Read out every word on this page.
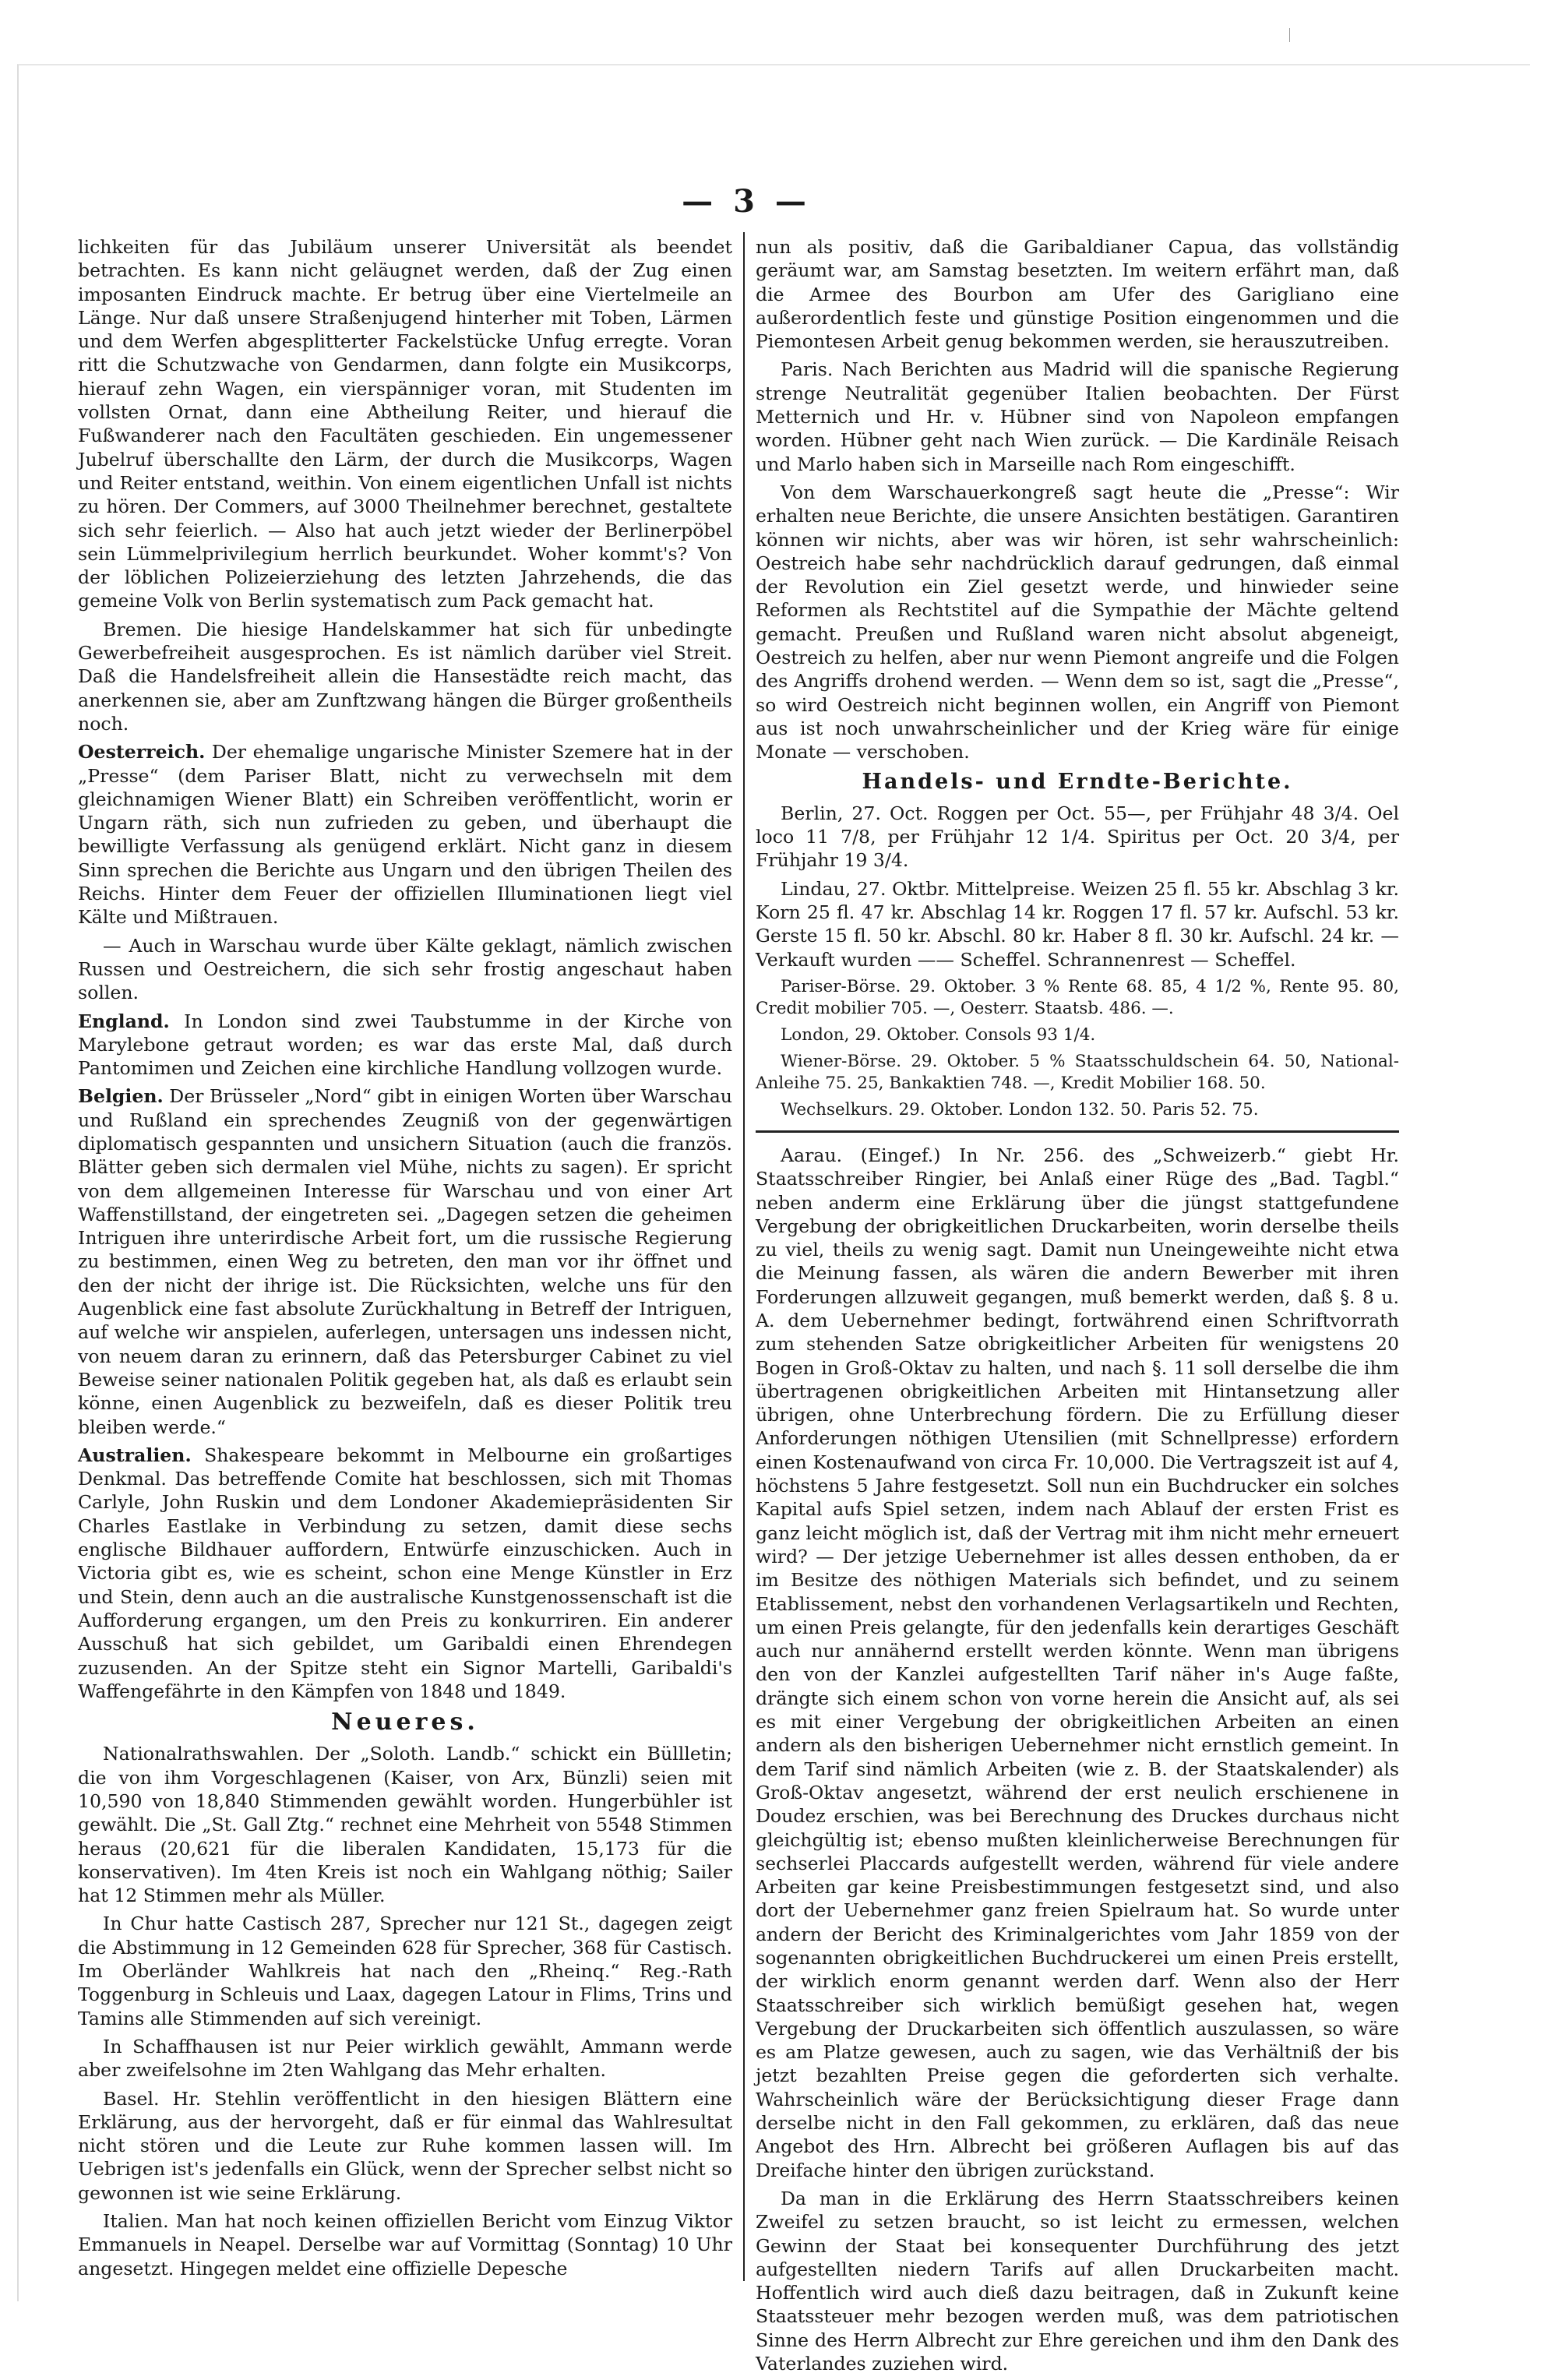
— 3 —

lichkeiten für das Jubiläum unserer Universität als beendet betrachten. Es kann nicht geläugnet werden, daß der Zug einen imposanten Eindruck machte. Er betrug über eine Viertelmeile an Länge. Nur daß unsere Straßenjugend hinterher mit Toben, Lärmen und dem Werfen abgesplitterter Fackelstücke Unfug erregte. Voran ritt die Schutzwache von Gendarmen, dann folgte ein Musikcorps, hierauf zehn Wagen, ein vierspänniger voran, mit Studenten im vollsten Ornat, dann eine Abtheilung Reiter, und hierauf die Fußwanderer nach den Facultäten geschieden. Ein ungemessener Jubelruf überschallte den Lärm, der durch die Musikcorps, Wagen und Reiter entstand, weithin. Von einem eigentlichen Unfall ist nichts zu hören. Der Commers, auf 3000 Theilnehmer berechnet, gestaltete sich sehr feierlich. — Also hat auch jetzt wieder der Berlinerpöbel sein Lümmelprivilegium herrlich beurkundet. Woher kommt's? Von der löblichen Polizeierziehung des letzten Jahrzehends, die das gemeine Volk von Berlin systematisch zum Pack gemacht hat.

Bremen. Die hiesige Handelskammer hat sich für unbedingte Gewerbefreiheit ausgesprochen. Es ist nämlich darüber viel Streit. Daß die Handelsfreiheit allein die Hansestädte reich macht, das anerkennen sie, aber am Zunftzwang hängen die Bürger großentheils noch.

Oesterreich. Der ehemalige ungarische Minister Szemere hat in der „Presse“ (dem Pariser Blatt, nicht zu verwechseln mit dem gleichnamigen Wiener Blatt) ein Schreiben veröffentlicht, worin er Ungarn räth, sich nun zufrieden zu geben, und überhaupt die bewilligte Verfassung als genügend erklärt. Nicht ganz in diesem Sinn sprechen die Berichte aus Ungarn und den übrigen Theilen des Reichs. Hinter dem Feuer der offiziellen Illuminationen liegt viel Kälte und Mißtrauen.

— Auch in Warschau wurde über Kälte geklagt, nämlich zwischen Russen und Oestreichern, die sich sehr frostig angeschaut haben sollen.

England. In London sind zwei Taubstumme in der Kirche von Marylebone getraut worden; es war das erste Mal, daß durch Pantomimen und Zeichen eine kirchliche Handlung vollzogen wurde.

Belgien. Der Brüsseler „Nord“ gibt in einigen Worten über Warschau und Rußland ein sprechendes Zeugniß von der gegenwärtigen diplomatisch gespannten und unsichern Situation (auch die französ. Blätter geben sich dermalen viel Mühe, nichts zu sagen). Er spricht von dem allgemeinen Interesse für Warschau und von einer Art Waffenstillstand, der eingetreten sei. „Dagegen setzen die geheimen Intriguen ihre unterirdische Arbeit fort, um die russische Regierung zu bestimmen, einen Weg zu betreten, den man vor ihr öffnet und den der nicht der ihrige ist. Die Rücksichten, welche uns für den Augenblick eine fast absolute Zurückhaltung in Betreff der Intriguen, auf welche wir anspielen, auferlegen, untersagen uns indessen nicht, von neuem daran zu erinnern, daß das Petersburger Cabinet zu viel Beweise seiner nationalen Politik gegeben hat, als daß es erlaubt sein könne, einen Augenblick zu bezweifeln, daß es dieser Politik treu bleiben werde.“

Australien. Shakespeare bekommt in Melbourne ein großartiges Denkmal. Das betreffende Comite hat beschlossen, sich mit Thomas Carlyle, John Ruskin und dem Londoner Akademiepräsidenten Sir Charles Eastlake in Verbindung zu setzen, damit diese sechs englische Bildhauer auffordern, Entwürfe einzuschicken. Auch in Victoria gibt es, wie es scheint, schon eine Menge Künstler in Erz und Stein, denn auch an die australische Kunstgenossenschaft ist die Aufforderung ergangen, um den Preis zu konkurriren. Ein anderer Ausschuß hat sich gebildet, um Garibaldi einen Ehrendegen zuzusenden. An der Spitze steht ein Signor Martelli, Garibaldi's Waffengefährte in den Kämpfen von 1848 und 1849.

Neueres.

Nationalrathswahlen. Der „Soloth. Landb.“ schickt ein Büllletin; die von ihm Vorgeschlagenen (Kaiser, von Arx, Bünzli) seien mit 10,590 von 18,840 Stimmenden gewählt worden. Hungerbühler ist gewählt. Die „St. Gall Ztg.“ rechnet eine Mehrheit von 5548 Stimmen heraus (20,621 für die liberalen Kandidaten, 15,173 für die konservativen). Im 4ten Kreis ist noch ein Wahlgang nöthig; Sailer hat 12 Stimmen mehr als Müller.

In Chur hatte Castisch 287, Sprecher nur 121 St., dagegen zeigt die Abstimmung in 12 Gemeinden 628 für Sprecher, 368 für Castisch. Im Oberländer Wahlkreis hat nach den „Rheinq.“ Reg.-Rath Toggenburg in Schleuis und Laax, dagegen Latour in Flims, Trins und Tamins alle Stimmenden auf sich vereinigt.

In Schaffhausen ist nur Peier wirklich gewählt, Ammann werde aber zweifelsohne im 2ten Wahlgang das Mehr erhalten.

Basel. Hr. Stehlin veröffentlicht in den hiesigen Blättern eine Erklärung, aus der hervorgeht, daß er für einmal das Wahlresultat nicht stören und die Leute zur Ruhe kommen lassen will. Im Uebrigen ist's jedenfalls ein Glück, wenn der Sprecher selbst nicht so gewonnen ist wie seine Erklärung.

Italien. Man hat noch keinen offiziellen Bericht vom Einzug Viktor Emmanuels in Neapel. Derselbe war auf Vormittag (Sonntag) 10 Uhr angesetzt. Hingegen meldet eine offizielle Depesche

nun als positiv, daß die Garibaldianer Capua, das vollständig geräumt war, am Samstag besetzten. Im weitern erfährt man, daß die Armee des Bourbon am Ufer des Garigliano eine außerordentlich feste und günstige Position eingenommen und die Piemontesen Arbeit genug bekommen werden, sie herauszutreiben.

Paris. Nach Berichten aus Madrid will die spanische Regierung strenge Neutralität gegenüber Italien beobachten. Der Fürst Metternich und Hr. v. Hübner sind von Napoleon empfangen worden. Hübner geht nach Wien zurück. — Die Kardinäle Reisach und Marlo haben sich in Marseille nach Rom eingeschifft.

Von dem Warschauerkongreß sagt heute die „Presse“: Wir erhalten neue Berichte, die unsere Ansichten bestätigen. Garantiren können wir nichts, aber was wir hören, ist sehr wahrscheinlich: Oestreich habe sehr nachdrücklich darauf gedrungen, daß einmal der Revolution ein Ziel gesetzt werde, und hinwieder seine Reformen als Rechtstitel auf die Sympathie der Mächte geltend gemacht. Preußen und Rußland waren nicht absolut abgeneigt, Oestreich zu helfen, aber nur wenn Piemont angreife und die Folgen des Angriffs drohend werden. — Wenn dem so ist, sagt die „Presse“, so wird Oestreich nicht beginnen wollen, ein Angriff von Piemont aus ist noch unwahrscheinlicher und der Krieg wäre für einige Monate — verschoben.

Handels- und Erndte-Berichte.

Berlin, 27. Oct. Roggen per Oct. 55—, per Frühjahr 48 3/4. Oel loco 11 7/8, per Frühjahr 12 1/4. Spiritus per Oct. 20 3/4, per Frühjahr 19 3/4.

Lindau, 27. Oktbr. Mittelpreise. Weizen 25 fl. 55 kr. Abschlag 3 kr. Korn 25 fl. 47 kr. Abschlag 14 kr. Roggen 17 fl. 57 kr. Aufschl. 53 kr. Gerste 15 fl. 50 kr. Abschl. 80 kr. Haber 8 fl. 30 kr. Aufschl. 24 kr. — Verkauft wurden —— Scheffel. Schrannenrest — Scheffel.

Pariser-Börse. 29. Oktober. 3 % Rente 68. 85, 4 1/2 %, Rente 95. 80, Credit mobilier 705. —, Oesterr. Staatsb. 486. —.

London, 29. Oktober. Consols 93 1/4.

Wiener-Börse. 29. Oktober. 5 % Staatsschuldschein 64. 50, National-Anleihe 75. 25, Bankaktien 748. —, Kredit Mobilier 168. 50.

Wechselkurs. 29. Oktober. London 132. 50. Paris 52. 75.

Aarau. (Eingef.) In Nr. 256. des „Schweizerb.“ giebt Hr. Staatsschreiber Ringier, bei Anlaß einer Rüge des „Bad. Tagbl.“ neben anderm eine Erklärung über die jüngst stattgefundene Vergebung der obrigkeitlichen Druckarbeiten, worin derselbe theils zu viel, theils zu wenig sagt. Damit nun Uneingeweihte nicht etwa die Meinung fassen, als wären die andern Bewerber mit ihren Forderungen allzuweit gegangen, muß bemerkt werden, daß §. 8 u. A. dem Uebernehmer bedingt, fortwährend einen Schriftvorrath zum stehenden Satze obrigkeitlicher Arbeiten für wenigstens 20 Bogen in Groß-Oktav zu halten, und nach §. 11 soll derselbe die ihm übertragenen obrigkeitlichen Arbeiten mit Hintansetzung aller übrigen, ohne Unterbrechung fördern. Die zu Erfüllung dieser Anforderungen nöthigen Utensilien (mit Schnellpresse) erfordern einen Kostenaufwand von circa Fr. 10,000. Die Vertragszeit ist auf 4, höchstens 5 Jahre festgesetzt. Soll nun ein Buchdrucker ein solches Kapital aufs Spiel setzen, indem nach Ablauf der ersten Frist es ganz leicht möglich ist, daß der Vertrag mit ihm nicht mehr erneuert wird? — Der jetzige Uebernehmer ist alles dessen enthoben, da er im Besitze des nöthigen Materials sich befindet, und zu seinem Etablissement, nebst den vorhandenen Verlagsartikeln und Rechten, um einen Preis gelangte, für den jedenfalls kein derartiges Geschäft auch nur annähernd erstellt werden könnte. Wenn man übrigens den von der Kanzlei aufgestellten Tarif näher in's Auge faßte, drängte sich einem schon von vorne herein die Ansicht auf, als sei es mit einer Vergebung der obrigkeitlichen Arbeiten an einen andern als den bisherigen Uebernehmer nicht ernstlich gemeint. In dem Tarif sind nämlich Arbeiten (wie z. B. der Staatskalender) als Groß-Oktav angesetzt, während der erst neulich erschienene in Doudez erschien, was bei Berechnung des Druckes durchaus nicht gleichgültig ist; ebenso mußten kleinlicherweise Berechnungen für sechserlei Placcards aufgestellt werden, während für viele andere Arbeiten gar keine Preisbestimmungen festgesetzt sind, und also dort der Uebernehmer ganz freien Spielraum hat. So wurde unter andern der Bericht des Kriminalgerichtes vom Jahr 1859 von der sogenannten obrigkeitlichen Buchdruckerei um einen Preis erstellt, der wirklich enorm genannt werden darf. Wenn also der Herr Staatsschreiber sich wirklich bemüßigt gesehen hat, wegen Vergebung der Druckarbeiten sich öffentlich auszulassen, so wäre es am Platze gewesen, auch zu sagen, wie das Verhältniß der bis jetzt bezahlten Preise gegen die geforderten sich verhalte. Wahrscheinlich wäre der Berücksichtigung dieser Frage dann derselbe nicht in den Fall gekommen, zu erklären, daß das neue Angebot des Hrn. Albrecht bei größeren Auflagen bis auf das Dreifache hinter den übrigen zurückstand.

Da man in die Erklärung des Herrn Staatsschreibers keinen Zweifel zu setzen braucht, so ist leicht zu ermessen, welchen Gewinn der Staat bei konsequenter Durchführung des jetzt aufgestellten niedern Tarifs auf allen Druckarbeiten macht. Hoffentlich wird auch dieß dazu beitragen, daß in Zukunft keine Staatssteuer mehr bezogen werden muß, was dem patriotischen Sinne des Herrn Albrecht zur Ehre gereichen und ihm den Dank des Vaterlandes zuziehen wird.
